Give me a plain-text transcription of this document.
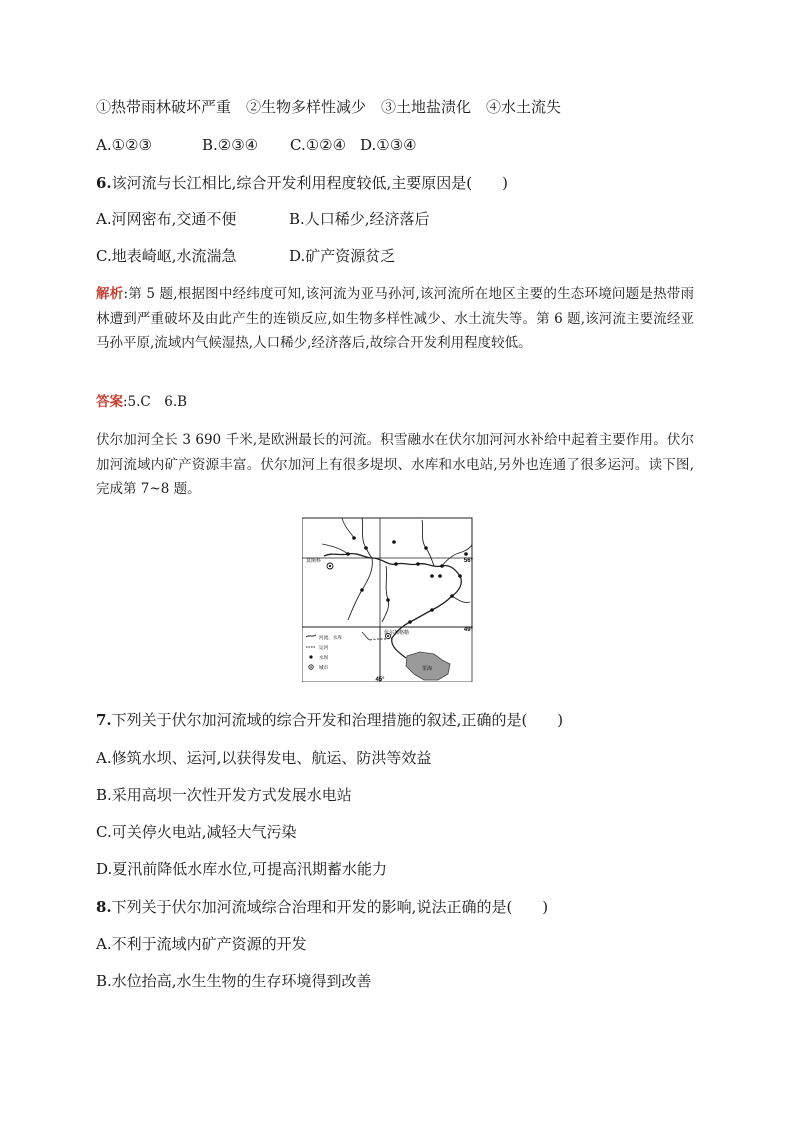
①热带雨林破坏严重　②生物多样性减少　③土地盐渍化　④水土流失
A.①②③	B.②③④ C.①②④ D.①③④
6.该河流与长江相比,综合开发利用程度较低,主要原因是(　　)
A.河网密布,交通不便	B.人口稀少,经济落后
C.地表崎岖,水流湍急	D.矿产资源贫乏
解析:第 5 题,根据图中经纬度可知,该河流为亚马孙河,该河流所在地区主要的生态环境问题是热带雨林遭到严重破坏及由此产生的连锁反应,如生物多样性减少、水土流失等。第 6 题,该河流主要流经亚马孙平原,流域内气候湿热,人口稀少,经济落后,故综合开发利用程度较低。
答案:5.C　6.B
伏尔加河全长 3 690 千米,是欧洲最长的河流。积雪融水在伏尔加河河水补给中起着主要作用。伏尔加河流域内矿产资源丰富。伏尔加河上有很多堤坝、水库和水电站,另外也连通了很多运河。读下图,完成第 7~8 题。
莫斯科
伏尔加格勒
里海
56°
49°
45°
河流、水库
运河
水坝
城市
7.下列关于伏尔加河流域的综合开发和治理措施的叙述,正确的是(　　)
A.修筑水坝、运河,以获得发电、航运、防洪等效益
B.采用高坝一次性开发方式发展水电站
C.可关停火电站,减轻大气污染
D.夏汛前降低水库水位,可提高汛期蓄水能力
8.下列关于伏尔加河流域综合治理和开发的影响,说法正确的是(　　)
A.不利于流域内矿产资源的开发
B.水位抬高,水生生物的生存环境得到改善
